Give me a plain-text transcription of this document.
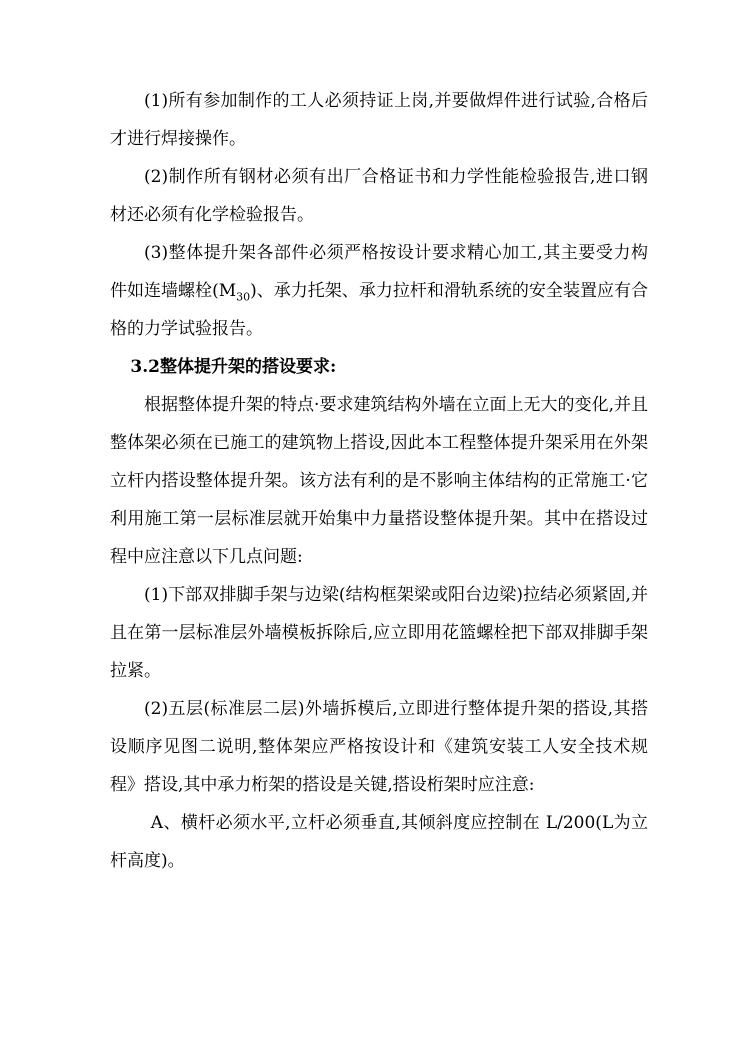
(1)所有参加制作的工人必须持证上岗,并要做焊件进行试验,合格后才进行焊接操作。
(2)制作所有钢材必须有出厂合格证书和力学性能检验报告,进口钢材还必须有化学检验报告。
(3)整体提升架各部件必须严格按设计要求精心加工,其主要受力构件如连墙螺栓$(M_{30})$、承力托架、承力拉杆和滑轨系统的安全装置应有合格的力学试验报告。
3.2整体提升架的搭设要求:
根据整体提升架的特点·要求建筑结构外墙在立面上无大的变化,并且整体架必须在已施工的建筑物上搭设,因此本工程整体提升架采用在外架立杆内搭设整体提升架。该方法有利的是不影响主体结构的正常施工·它利用施工第一层标准层就开始集中力量搭设整体提升架。其中在搭设过程中应注意以下几点问题:
(1)下部双排脚手架与边梁(结构框架梁或阳台边梁)拉结必须紧固,并且在第一层标准层外墙模板拆除后,应立即用花篮螺栓把下部双排脚手架拉紧。
(2)五层(标准层二层)外墙拆模后,立即进行整体提升架的搭设,其搭设顺序见图二说明,整体架应严格按设计和《建筑安装工人安全技术规程》搭设,其中承力桁架的搭设是关键,搭设桁架时应注意:
A、横杆必须水平,立杆必须垂直,其倾斜度应控制在 L/200(L为立杆高度)。
